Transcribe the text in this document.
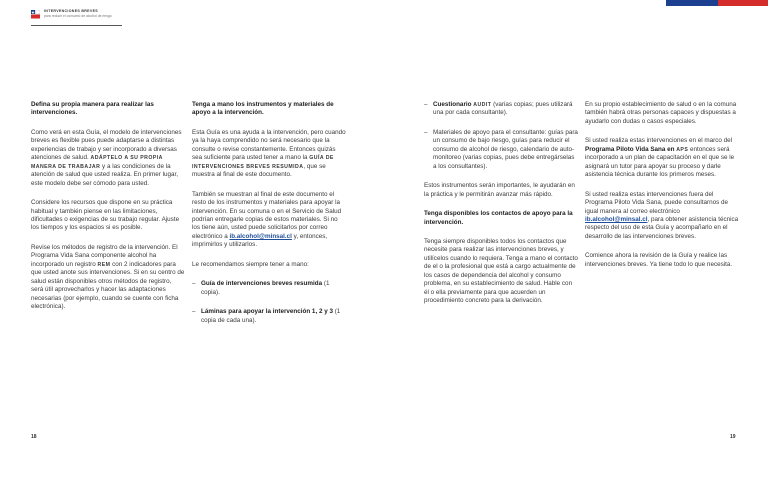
INTERVENCIONES BREVES
para reducir el consumo de alcohol de riesgo

Defina su propia manera para realizar las intervenciones.

Como verá en esta Guía, el modelo de intervenciones breves es flexible pues puede adaptarse a distintas experiencias de trabajo y ser incorporado a diversas atenciones de salud. ADÁPTELO A SU PROPIA MANERA DE TRABAJAR y a las condiciones de la atención de salud que usted realiza. En primer lugar, este modelo debe ser cómodo para usted.

Considere los recursos que dispone en su práctica habitual y también piense en las limitaciones, dificultades o exigencias de su trabajo regular. Ajuste los tiempos y los espacios si es posible.

Revise los métodos de registro de la intervención. El Programa Vida Sana componente alcohol ha incorporado un registro REM con 2 indicadores para que usted anote sus intervenciones. Si en su centro de salud están disponibles otros métodos de registro, será útil aprovecharlos y hacer las adaptaciones necesarias (por ejemplo, cuando se cuente con ficha electrónica).

Tenga a mano los instrumentos y materiales de apoyo a la intervención.

Esta Guía es una ayuda a la intervención, pero cuando ya la haya comprendido no será necesario que la consulte o revise constantemente. Entonces quizás sea suficiente para usted tener a mano la GUÍA DE INTERVENCIONES BREVES RESUMIDA, que se muestra al final de este documento.

También se muestran al final de este documento el resto de los instrumentos y materiales para apoyar la intervención. En su comuna o en el Servicio de Salud podrían entregarle copias de estos materiales. Si no los tiene aún, usted puede solicitarlos por correo electrónico a ib.alcohol@minsal.cl y, entonces, imprimirlos y utilizarlos.

Le recomendamos siempre tener a mano:

– Guía de intervenciones breves resumida (1 copia).

– Láminas para apoyar la intervención 1, 2 y 3 (1 copia de cada una).

18

– Cuestionario AUDIT (varias copias; pues utilizará una por cada consultante).

– Materiales de apoyo para el consultante: guías para un consumo de bajo riesgo, guías para reducir el consumo de alcohol de riesgo, calendario de auto-monitoreo (varias copias, pues debe entregárselas a los consultantes).

Estos instrumentos serán importantes, le ayudarán en la práctica y le permitirán avanzar más rápido.

Tenga disponibles los contactos de apoyo para la intervención.

Tenga siempre disponibles todos los contactos que necesite para realizar las intervenciones breves, y utilícelos cuando lo requiera. Tenga a mano el contacto de el o la profesional que está a cargo actualmente de los casos de dependencia del alcohol y consumo problema, en su establecimiento de salud. Hable con él o ella previamente para que acuerden un procedimiento concreto para la derivación.

En su propio establecimiento de salud o en la comuna también habrá otras personas capaces y dispuestas a ayudarlo con dudas o casos especiales.

Si usted realiza estas intervenciones en el marco del Programa Piloto Vida Sana en APS entonces será incorporado a un plan de capacitación en el que se le asignará un tutor para apoyar su proceso y darle asistencia técnica durante los primeros meses.

Si usted realiza estas intervenciones fuera del Programa Piloto Vida Sana, puede consultarnos de igual manera al correo electrónico ib.alcohol@minsal.cl, para obtener asistencia técnica respecto del uso de esta Guía y acompañarlo en el desarrollo de las intervenciones breves.

Comience ahora la revisión de la Guía y realice las intervenciones breves. Ya tiene todo lo que necesita.

19
